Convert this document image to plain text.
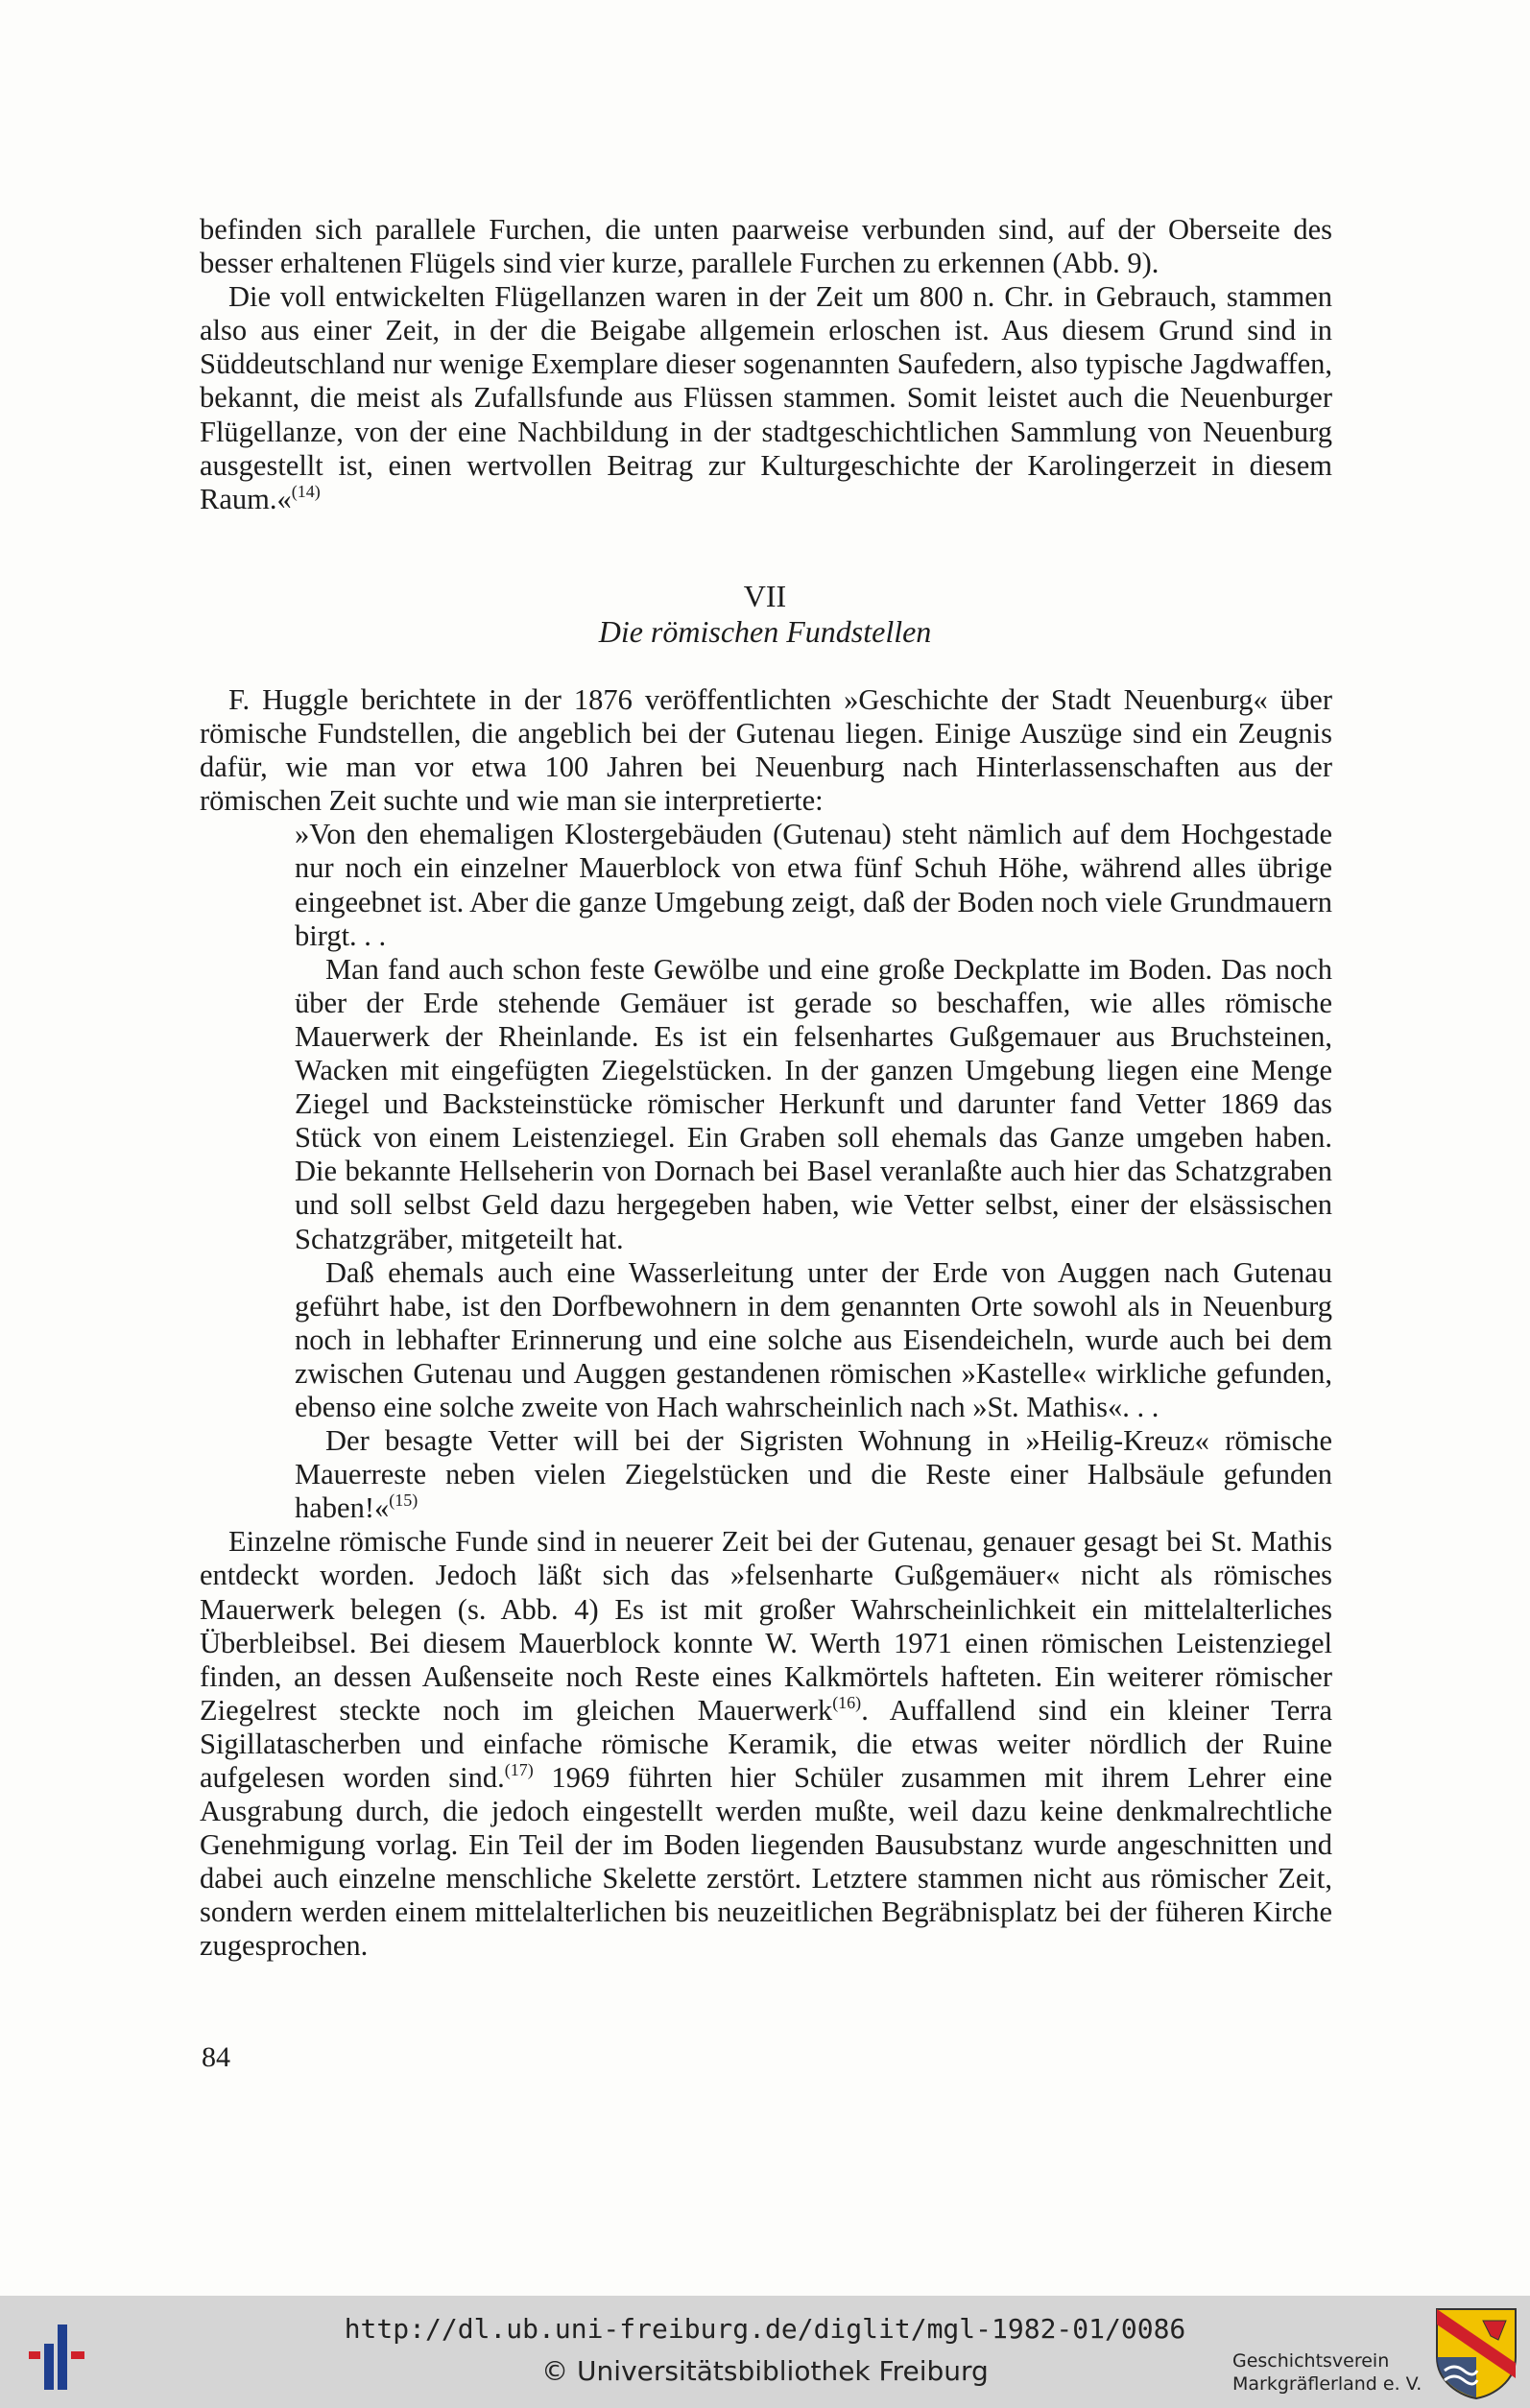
befinden sich parallele Furchen, die unten paarweise verbunden sind, auf der Oberseite des besser erhaltenen Flügels sind vier kurze, parallele Furchen zu erkennen (Abb. 9).

Die voll entwickelten Flügellanzen waren in der Zeit um 800 n. Chr. in Gebrauch, stammen also aus einer Zeit, in der die Beigabe allgemein erloschen ist. Aus diesem Grund sind in Süddeutschland nur wenige Exemplare dieser sogenannten Saufedern, also typische Jagdwaffen, bekannt, die meist als Zufallsfunde aus Flüssen stammen. Somit leistet auch die Neuenburger Flügellanze, von der eine Nachbildung in der stadtgeschichtlichen Sammlung von Neuenburg ausgestellt ist, einen wertvollen Beitrag zur Kulturgeschichte der Karolingerzeit in diesem Raum.«$^{(14)}$

VII
Die römischen Fundstellen

F. Huggle berichtete in der 1876 veröffentlichten »Geschichte der Stadt Neuenburg« über römische Fundstellen, die angeblich bei der Gutenau liegen. Einige Auszüge sind ein Zeugnis dafür, wie man vor etwa 100 Jahren bei Neuenburg nach Hinterlassenschaften aus der römischen Zeit suchte und wie man sie interpretierte:

»Von den ehemaligen Klostergebäuden (Gutenau) steht nämlich auf dem Hochgestade nur noch ein einzelner Mauerblock von etwa fünf Schuh Höhe, während alles übrige eingeebnet ist. Aber die ganze Umgebung zeigt, daß der Boden noch viele Grundmauern birgt. . .

Man fand auch schon feste Gewölbe und eine große Deckplatte im Boden. Das noch über der Erde stehende Gemäuer ist gerade so beschaffen, wie alles römische Mauerwerk der Rheinlande. Es ist ein felsenhartes Gußgemauer aus Bruchsteinen, Wacken mit eingefügten Ziegelstücken. In der ganzen Umgebung liegen eine Menge Ziegel und Backsteinstücke römischer Herkunft und darunter fand Vetter 1869 das Stück von einem Leistenziegel. Ein Graben soll ehemals das Ganze umgeben haben. Die bekannte Hellseherin von Dornach bei Basel veranlaßte auch hier das Schatzgraben und soll selbst Geld dazu hergegeben haben, wie Vetter selbst, einer der elsässischen Schatzgräber, mitgeteilt hat.

Daß ehemals auch eine Wasserleitung unter der Erde von Auggen nach Gutenau geführt habe, ist den Dorfbewohnern in dem genannten Orte sowohl als in Neuenburg noch in lebhafter Erinnerung und eine solche aus Eisendeicheln, wurde auch bei dem zwischen Gutenau und Auggen gestandenen römischen »Kastelle« wirkliche gefunden, ebenso eine solche zweite von Hach wahrscheinlich nach »St. Mathis«. . .

Der besagte Vetter will bei der Sigristen Wohnung in »Heilig-Kreuz« römische Mauerreste neben vielen Ziegelstücken und die Reste einer Halbsäule gefunden haben!«$^{(15)}$

Einzelne römische Funde sind in neuerer Zeit bei der Gutenau, genauer gesagt bei St. Mathis entdeckt worden. Jedoch läßt sich das »felsenharte Gußgemäuer« nicht als römisches Mauerwerk belegen (s. Abb. 4) Es ist mit großer Wahrscheinlichkeit ein mittelalterliches Überbleibsel. Bei diesem Mauerblock konnte W. Werth 1971 einen römischen Leistenziegel finden, an dessen Außenseite noch Reste eines Kalkmörtels hafteten. Ein weiterer römischer Ziegelrest steckte noch im gleichen Mauerwerk$^{(16)}$. Auffallend sind ein kleiner Terra Sigillatascherben und einfache römische Keramik, die etwas weiter nördlich der Ruine aufgelesen worden sind.$^{(17)}$ 1969 führten hier Schüler zusammen mit ihrem Lehrer eine Ausgrabung durch, die jedoch eingestellt werden mußte, weil dazu keine denkmalrechtliche Genehmigung vorlag. Ein Teil der im Boden liegenden Bausubstanz wurde angeschnitten und dabei auch einzelne menschliche Skelette zerstört. Letztere stammen nicht aus römischer Zeit, sondern werden einem mittelalterlichen bis neuzeitlichen Begräbnisplatz bei der füheren Kirche zugesprochen.

84
http://dl.ub.uni-freiburg.de/diglit/mgl-1982-01/0086
© Universitätsbibliothek Freiburg	Geschichtsverein
Markgräflerland e. V.
